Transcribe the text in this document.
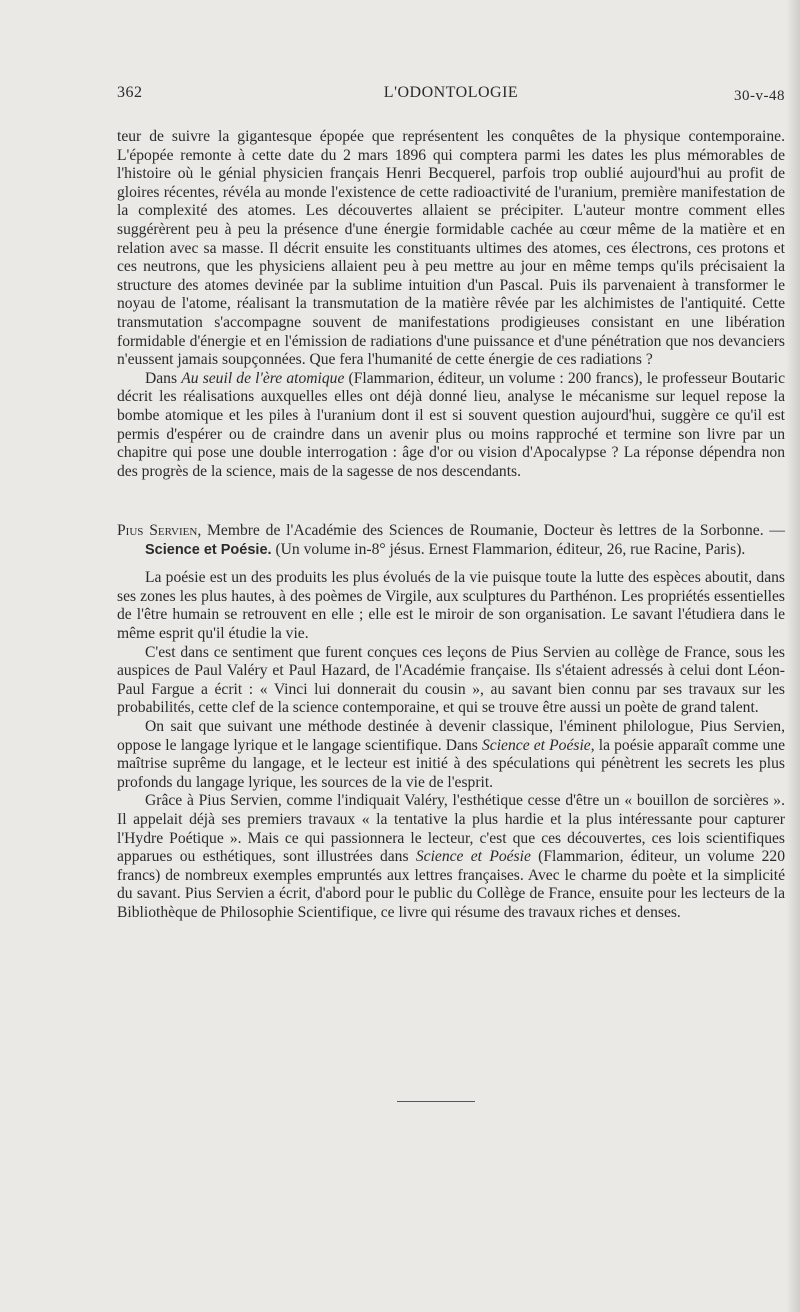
362	L'ODONTOLOGIE	30-v-48

teur de suivre la gigantesque épopée que représentent les conquêtes de la physique contemporaine. L'épopée remonte à cette date du 2 mars 1896 qui comptera parmi les dates les plus mémorables de l'histoire où le génial physicien français Henri Becquerel, parfois trop oublié aujourd'hui au profit de gloires récentes, révéla au monde l'existence de cette radioactivité de l'uranium, première manifestation de la complexité des atomes. Les découvertes allaient se précipiter. L'auteur montre comment elles suggérèrent peu à peu la présence d'une énergie formidable cachée au cœur même de la matière et en relation avec sa masse. Il décrit ensuite les constituants ultimes des atomes, ces électrons, ces protons et ces neutrons, que les physiciens allaient peu à peu mettre au jour en même temps qu'ils précisaient la structure des atomes devinée par la sublime intuition d'un Pascal. Puis ils parvenaient à transformer le noyau de l'atome, réalisant la transmutation de la matière rêvée par les alchimistes de l'antiquité. Cette transmutation s'accompagne souvent de manifestations prodigieuses consistant en une libération formidable d'énergie et en l'émission de radiations d'une puissance et d'une pénétration que nos devanciers n'eussent jamais soupçonnées. Que fera l'humanité de cette énergie de ces radiations ?

Dans Au seuil de l'ère atomique (Flammarion, éditeur, un volume : 200 francs), le professeur Boutaric décrit les réalisations auxquelles elles ont déjà donné lieu, analyse le mécanisme sur lequel repose la bombe atomique et les piles à l'uranium dont il est si souvent question aujourd'hui, suggère ce qu'il est permis d'espérer ou de craindre dans un avenir plus ou moins rapproché et termine son livre par un chapitre qui pose une double interrogation : âge d'or ou vision d'Apocalypse ? La réponse dépendra non des progrès de la science, mais de la sagesse de nos descendants.

Pius Servien, Membre de l'Académie des Sciences de Roumanie, Docteur ès lettres de la Sorbonne. — Science et Poésie. (Un volume in-8° jésus. Ernest Flammarion, éditeur, 26, rue Racine, Paris).

La poésie est un des produits les plus évolués de la vie puisque toute la lutte des espèces aboutit, dans ses zones les plus hautes, à des poèmes de Virgile, aux sculptures du Parthénon. Les propriétés essentielles de l'être humain se retrouvent en elle ; elle est le miroir de son organisation. Le savant l'étudiera dans le même esprit qu'il étudie la vie.

C'est dans ce sentiment que furent conçues ces leçons de Pius Servien au collège de France, sous les auspices de Paul Valéry et Paul Hazard, de l'Académie française. Ils s'étaient adressés à celui dont Léon-Paul Fargue a écrit : « Vinci lui donnerait du cousin », au savant bien connu par ses travaux sur les probabilités, cette clef de la science contemporaine, et qui se trouve être aussi un poète de grand talent.

On sait que suivant une méthode destinée à devenir classique, l'éminent philologue, Pius Servien, oppose le langage lyrique et le langage scientifique. Dans Science et Poésie, la poésie apparaît comme une maîtrise suprême du langage, et le lecteur est initié à des spéculations qui pénètrent les secrets les plus profonds du langage lyrique, les sources de la vie de l'esprit.

Grâce à Pius Servien, comme l'indiquait Valéry, l'esthétique cesse d'être un « bouillon de sorcières ». Il appelait déjà ses premiers travaux « la tentative la plus hardie et la plus intéressante pour capturer l'Hydre Poétique ». Mais ce qui passionnera le lecteur, c'est que ces découvertes, ces lois scientifiques apparues ou esthétiques, sont illustrées dans Science et Poésie (Flammarion, éditeur, un volume 220 francs) de nombreux exemples empruntés aux lettres françaises. Avec le charme du poète et la simplicité du savant. Pius Servien a écrit, d'abord pour le public du Collège de France, ensuite pour les lecteurs de la Bibliothèque de Philosophie Scientifique, ce livre qui résume des travaux riches et denses.
